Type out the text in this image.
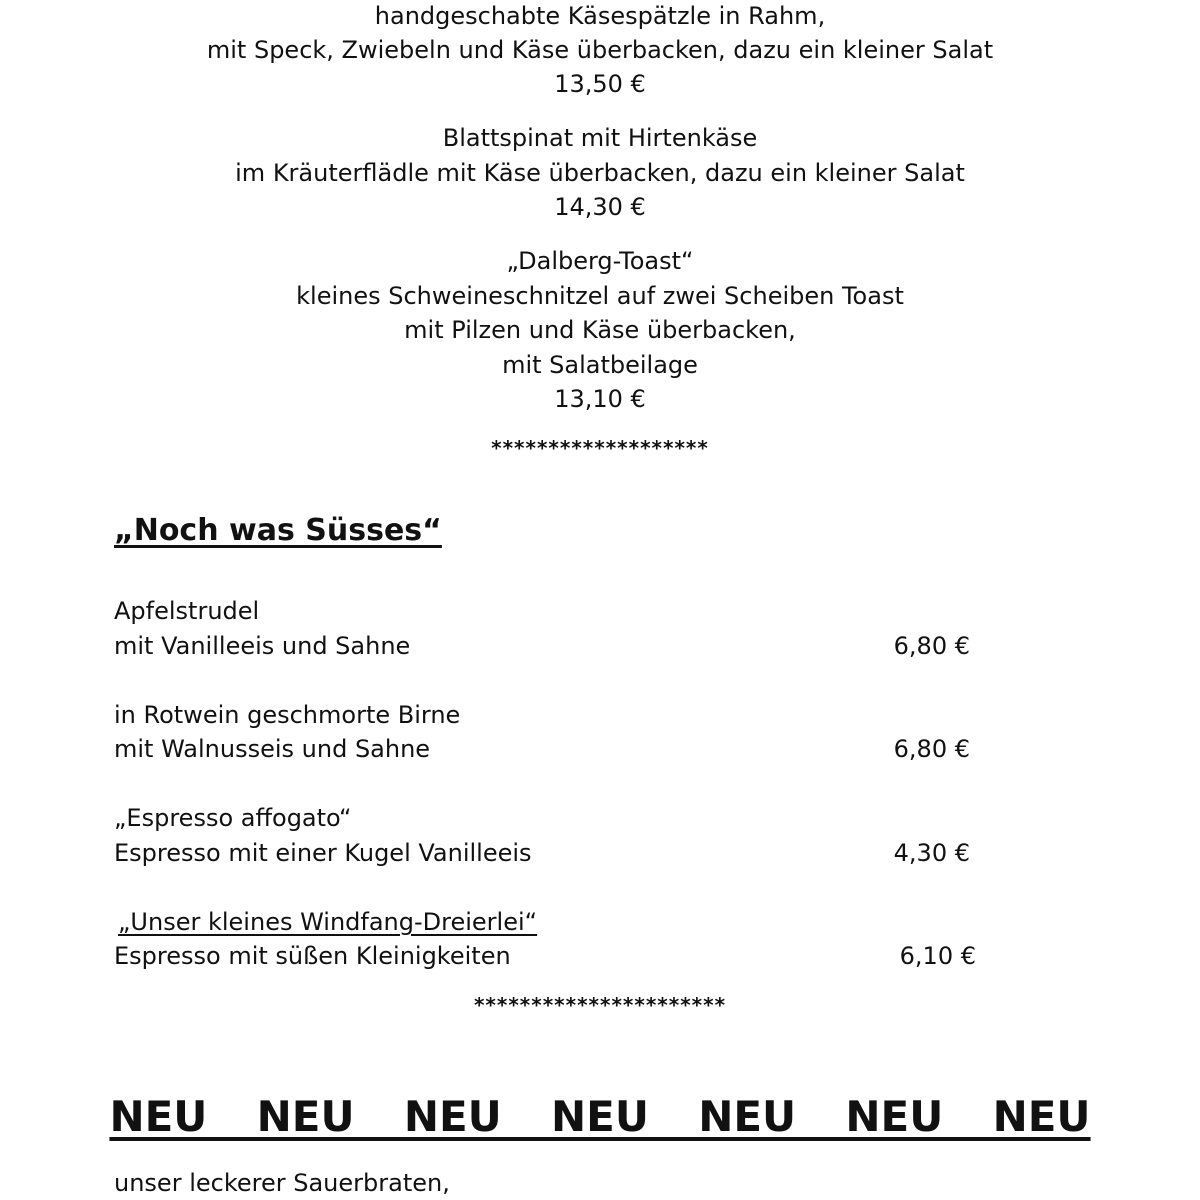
handgeschabte Käsespätzle in Rahm,
mit Speck, Zwiebeln und Käse überbacken, dazu ein kleiner Salat
13,50 €
Blattspinat mit Hirtenkäse
im Kräuterflädle mit Käse überbacken, dazu ein kleiner Salat
14,30 €
„Dalberg-Toast“
kleines Schweineschnitzel auf zwei Scheiben Toast
mit Pilzen und Käse überbacken,
mit Salatbeilage
13,10 €
*******************
„Noch was Süsses“
Apfelstrudel
mit Vanilleeis und Sahne	6,80 €
in Rotwein geschmorte Birne
mit Walnusseis und Sahne	6,80 €
„Espresso affogato“
Espresso mit einer Kugel Vanilleeis	4,30 €
„Unser kleines Windfang-Dreierlei“
Espresso mit süßen Kleinigkeiten	6,10 €
**********************
NEU  NEU  NEU  NEU  NEU  NEU  NEU
unser leckerer Sauerbraten,
